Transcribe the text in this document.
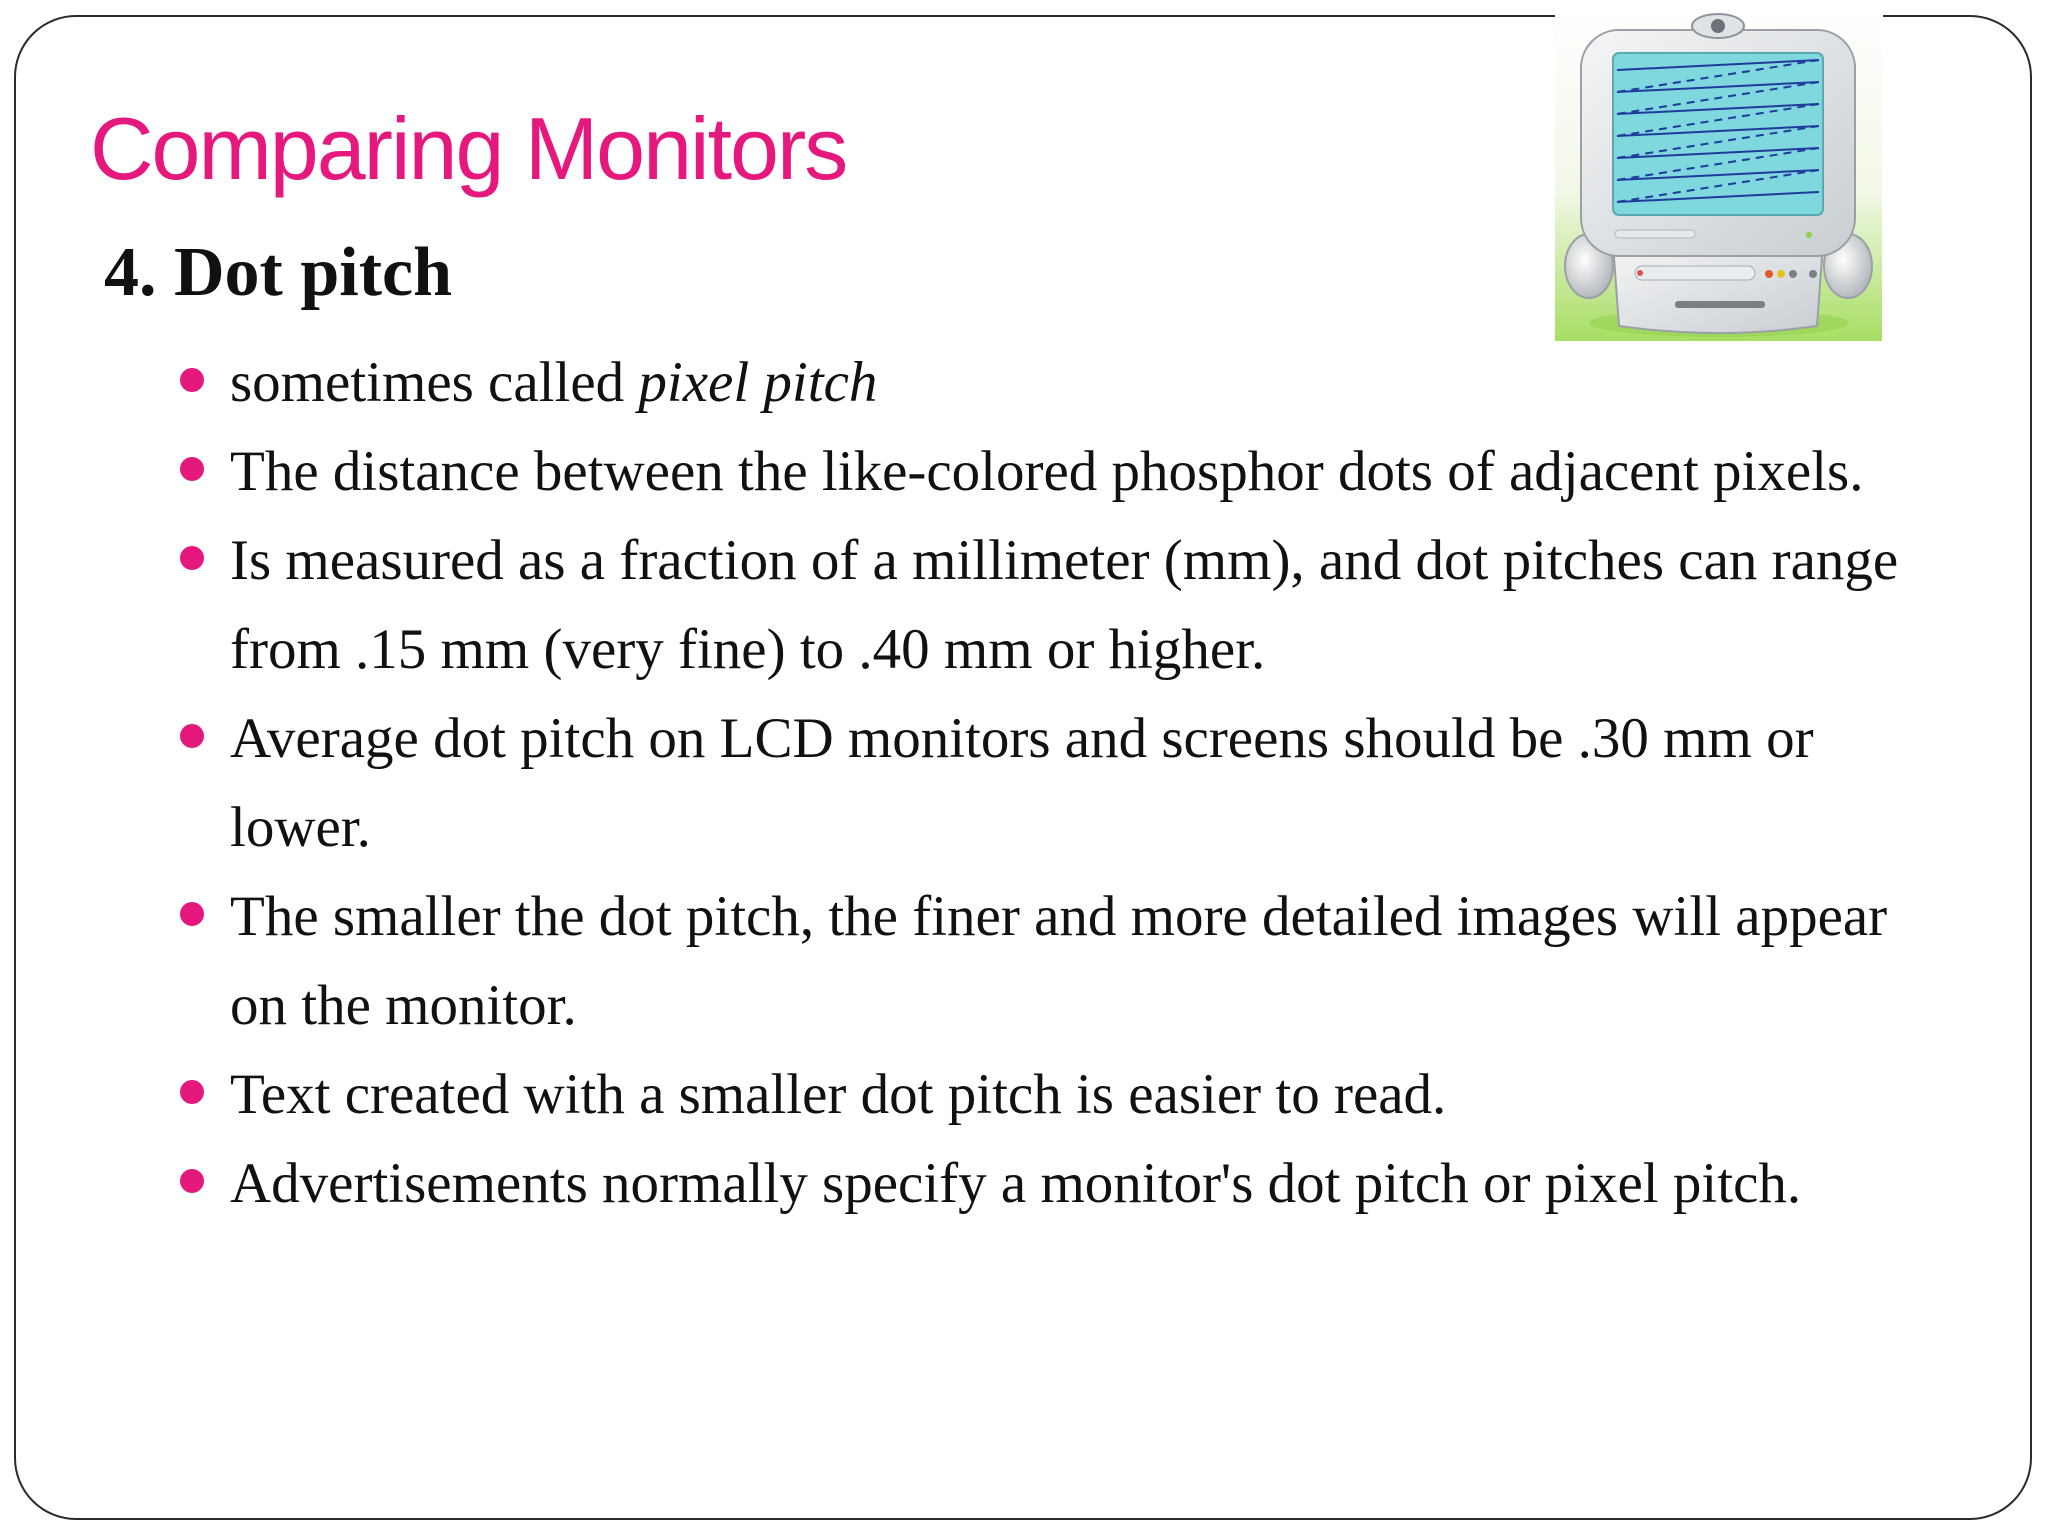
Comparing Monitors
4. Dot pitch
sometimes called pixel pitch
The distance between the like-colored phosphor dots of adjacent pixels.
Is measured as a fraction of a millimeter (mm), and dot pitches can range from .15 mm (very fine) to .40 mm or higher.
Average dot pitch on LCD monitors and screens should be .30 mm or lower.
The smaller the dot pitch, the finer and more detailed images will appear on the monitor.
Text created with a smaller dot pitch is easier to read.
Advertisements normally specify a monitor's dot pitch or pixel pitch.
